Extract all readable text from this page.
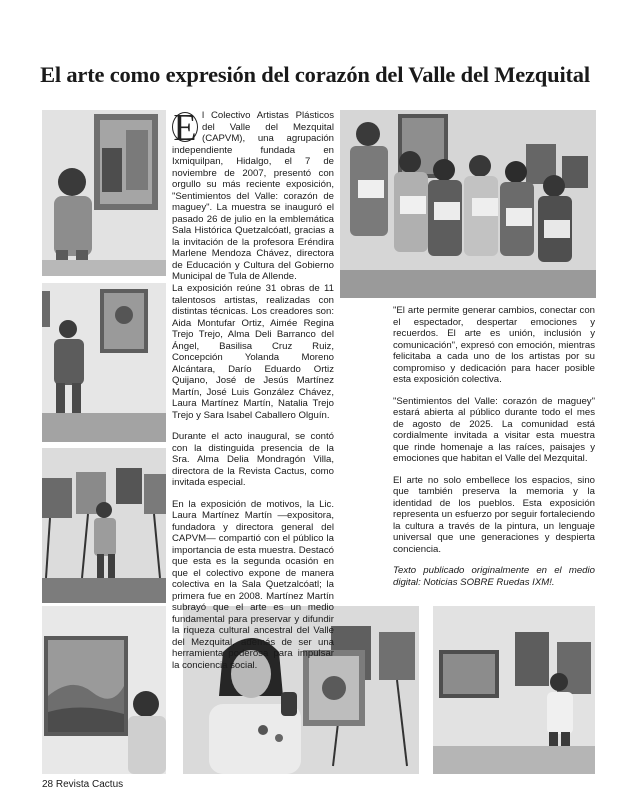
El arte como expresión del corazón del Valle del Mezquital

E l Colectivo Artistas Plásticos del Valle del Mezquital (CAPVM), una agrupación independiente fundada en Ixmiquilpan, Hidalgo, el 7 de noviembre de 2007, presentó con orgullo su más reciente exposición, "Sentimientos del Valle: corazón de maguey". La muestra se inauguró el pasado 26 de julio en la emblemática Sala Histórica Quetzalcóatl, gracias a la invitación de la profesora Eréndira Marlene Mendoza Chávez, directora de Educación y Cultura del Gobierno Municipal de Tula de Allende.

La exposición reúne 31 obras de 11 talentosos artistas, realizadas con distintas técnicas. Los creadores son: Aida Montufar Ortiz, Aimée Regina Trejo Trejo, Alma Deli Barranco del Ángel, Basilisa Cruz Ruiz, Concepción Yolanda Moreno Alcántara, Darío Eduardo Ortiz Quijano, José de Jesús Martínez Martín, José Luis González Chávez, Laura Martínez Martín, Natalia Trejo Trejo y Sara Isabel Caballero Olguín.

Durante el acto inaugural, se contó con la distinguida presencia de la Sra. Alma Delia Mondragón Villa, directora de la Revista Cactus, como invitada especial.

En la exposición de motivos, la Lic. Laura Martínez Martín —expositora, fundadora y directora general del CAPVM— compartió con el público la importancia de esta muestra. Destacó que esta es la segunda ocasión en que el colectivo expone de manera colectiva en la Sala Quetzalcóatl; la primera fue en 2008. Martínez Martín subrayó que el arte es un medio fundamental para preservar y difundir la riqueza cultural ancestral del Valle del Mezquital, además de ser una herramienta poderosa para impulsar la conciencia social.

"El arte permite generar cambios, conectar con el espectador, despertar emociones y recuerdos. El arte es unión, inclusión y comunicación", expresó con emoción, mientras felicitaba a cada uno de los artistas por su compromiso y dedicación para hacer posible esta exposición colectiva.

"Sentimientos del Valle: corazón de maguey" estará abierta al público durante todo el mes de agosto de 2025. La comunidad está cordialmente invitada a visitar esta muestra que rinde homenaje a las raíces, paisajes y emociones que habitan el Valle del Mezquital.

El arte no solo embellece los espacios, sino que también preserva la memoria y la identidad de los pueblos. Esta exposición representa un esfuerzo por seguir fortaleciendo la cultura a través de la pintura, un lenguaje universal que une generaciones y despierta conciencia.

Texto publicado originalmente en el medio digital: Noticias SOBRE Ruedas IXM!.

28 Revista Cactus
